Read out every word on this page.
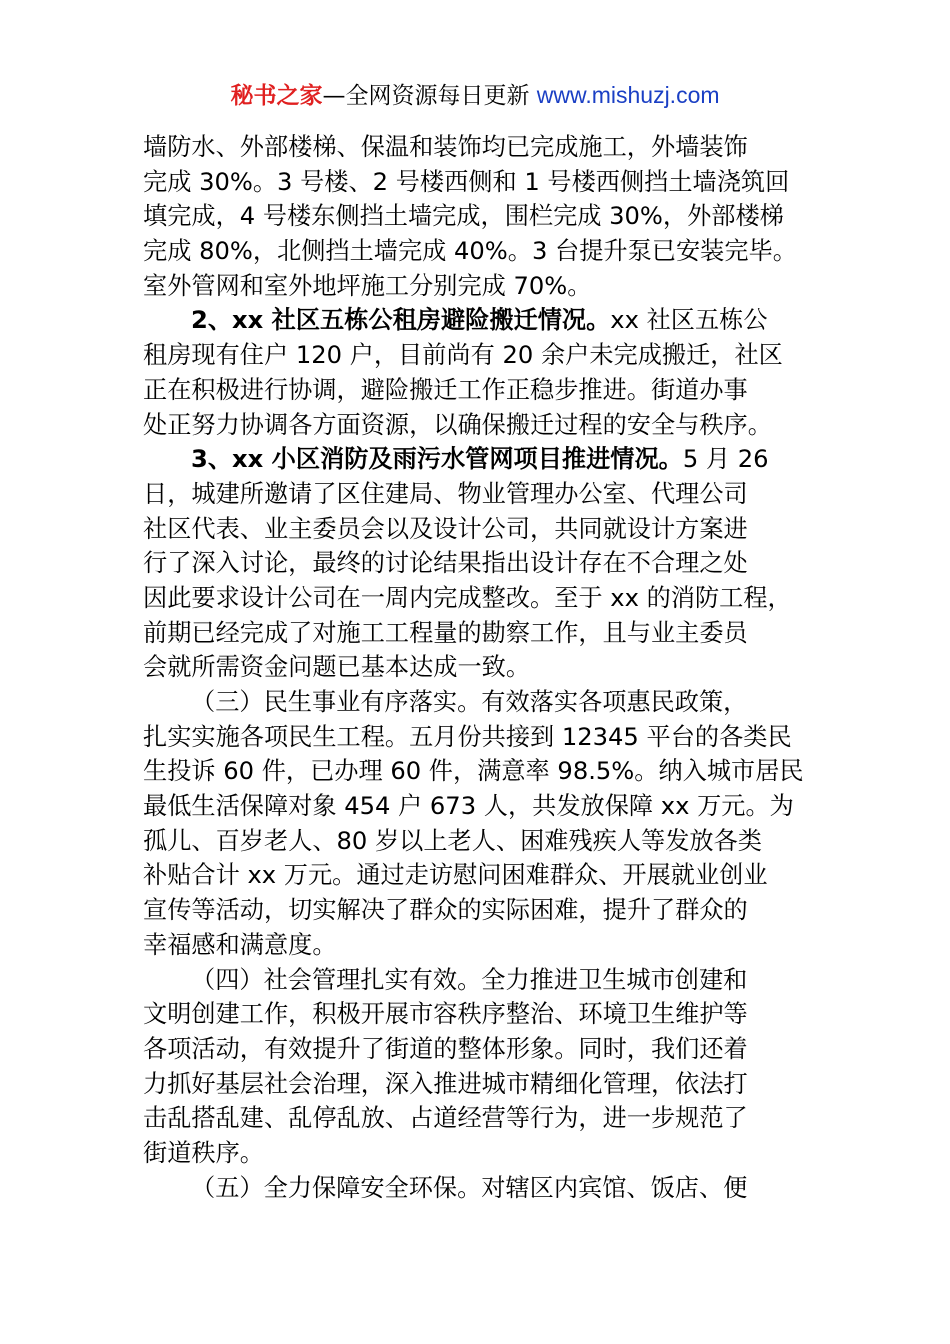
秘书之家—全网资源每日更新 www.mishuzj.com
墙防水、外部楼梯、保温和装饰均已完成施工，外墙装饰
完成 30%。3 号楼、2 号楼西侧和 1 号楼西侧挡土墙浇筑回
填完成，4 号楼东侧挡土墙完成，围栏完成 30%，外部楼梯
完成 80%，北侧挡土墙完成 40%。3 台提升泵已安装完毕。
室外管网和室外地坪施工分别完成 70%。
2、xx 社区五栋公租房避险搬迁情况。xx 社区五栋公
租房现有住户 120 户，目前尚有 20 余户未完成搬迁，社区
正在积极进行协调，避险搬迁工作正稳步推进。街道办事
处正努力协调各方面资源，以确保搬迁过程的安全与秩序。
3、xx 小区消防及雨污水管网项目推进情况。5 月 26
日，城建所邀请了区住建局、物业管理办公室、代理公司
社区代表、业主委员会以及设计公司，共同就设计方案进
行了深入讨论，最终的讨论结果指出设计存在不合理之处
因此要求设计公司在一周内完成整改。至于 xx 的消防工程，
前期已经完成了对施工工程量的勘察工作，且与业主委员
会就所需资金问题已基本达成一致。
（三）民生事业有序落实。有效落实各项惠民政策，
扎实实施各项民生工程。五月份共接到 12345 平台的各类民
生投诉 60 件，已办理 60 件，满意率 98.5%。纳入城市居民
最低生活保障对象 454 户 673 人，共发放保障 xx 万元。为
孤儿、百岁老人、80 岁以上老人、困难残疾人等发放各类
补贴合计 xx 万元。通过走访慰问困难群众、开展就业创业
宣传等活动，切实解决了群众的实际困难，提升了群众的
幸福感和满意度。
（四）社会管理扎实有效。全力推进卫生城市创建和
文明创建工作，积极开展市容秩序整治、环境卫生维护等
各项活动，有效提升了街道的整体形象。同时，我们还着
力抓好基层社会治理，深入推进城市精细化管理，依法打
击乱搭乱建、乱停乱放、占道经营等行为，进一步规范了
街道秩序。
（五）全力保障安全环保。对辖区内宾馆、饭店、便
